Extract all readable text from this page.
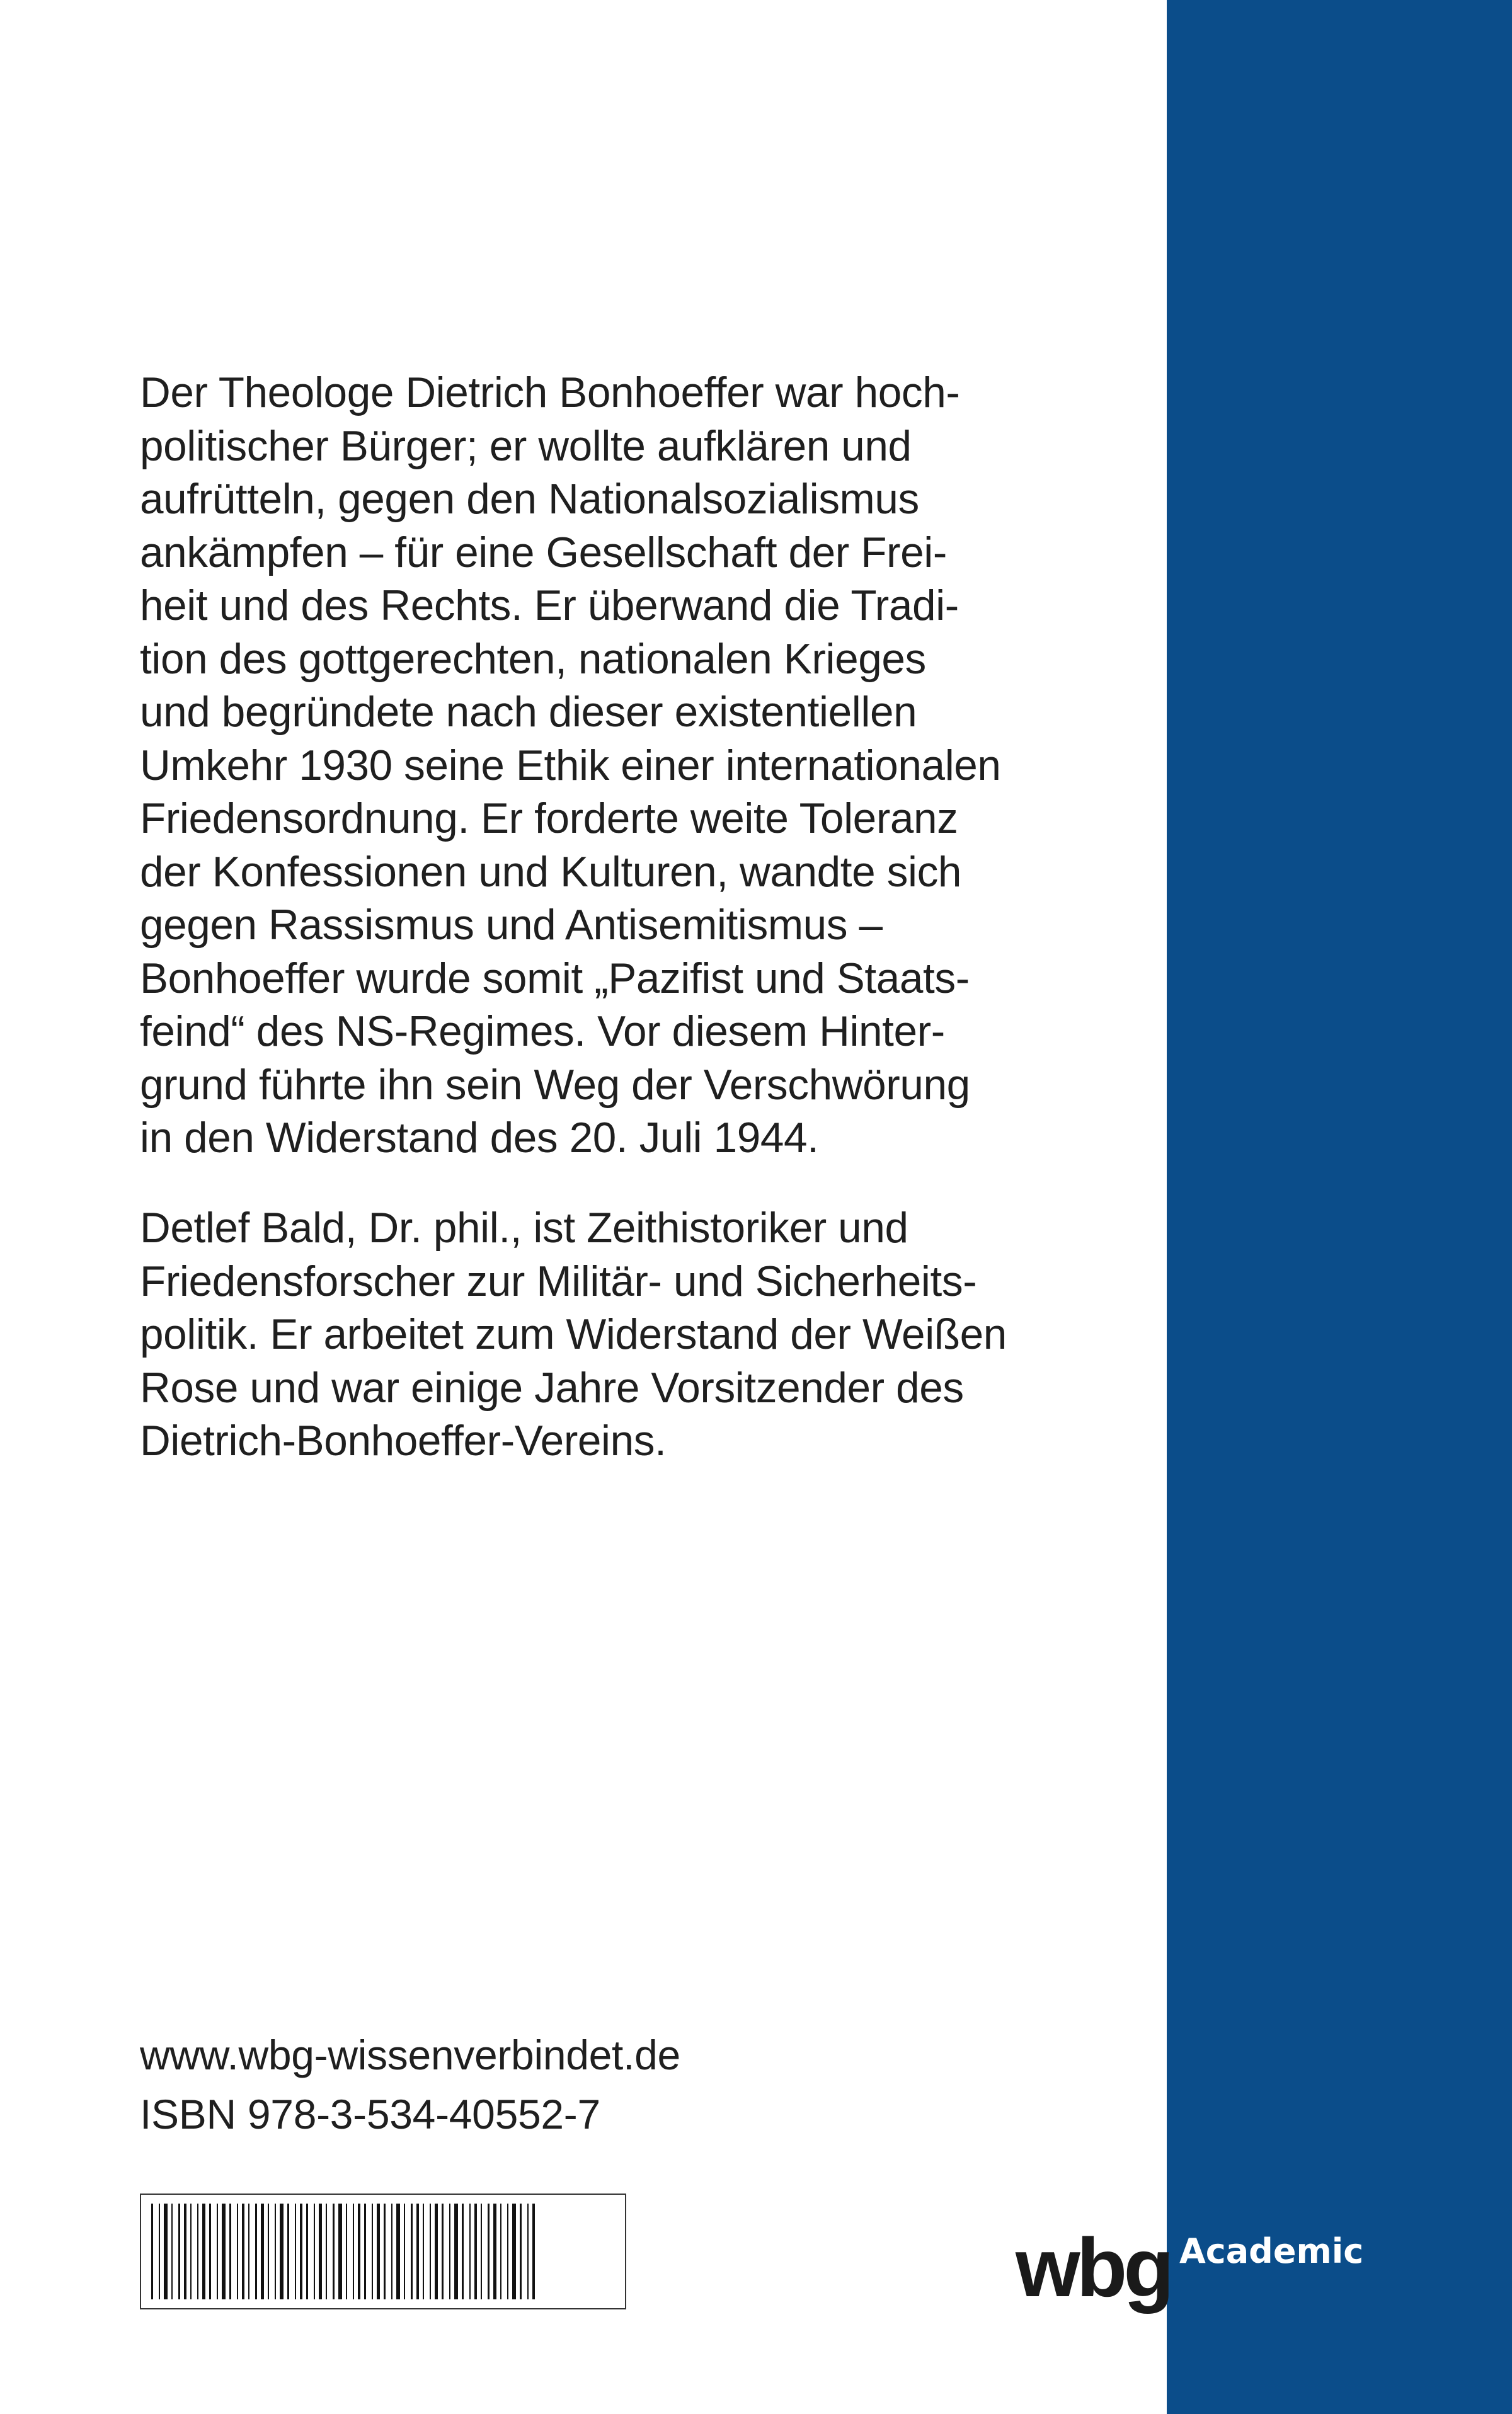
Der Theologe Dietrich Bonhoeffer war hoch-
politischer Bürger; er wollte aufklären und
aufrütteln, gegen den Nationalsozialismus
ankämpfen – für eine Gesellschaft der Frei-
heit und des Rechts. Er überwand die Tradi-
tion des gottgerechten, nationalen Krieges
und begründete nach dieser existentiellen
Umkehr 1930 seine Ethik einer internationalen
Friedensordnung. Er forderte weite Toleranz
der Konfessionen und Kulturen, wandte sich
gegen Rassismus und Antisemitismus –
Bonhoeffer wurde somit „Pazifist und Staats-
feind“ des NS-Regimes. Vor diesem Hinter-
grund führte ihn sein Weg der Verschwörung
in den Widerstand des 20. Juli 1944.

Detlef Bald, Dr. phil., ist Zeithistoriker und
Friedensforscher zur Militär- und Sicherheits-
politik. Er arbeitet zum Widerstand der Weißen
Rose und war einige Jahre Vorsitzender des
Dietrich-Bonhoeffer-Vereins.

www.wbg-wissenverbindet.de
ISBN 978-3-534-40552-7
wbg Academic
